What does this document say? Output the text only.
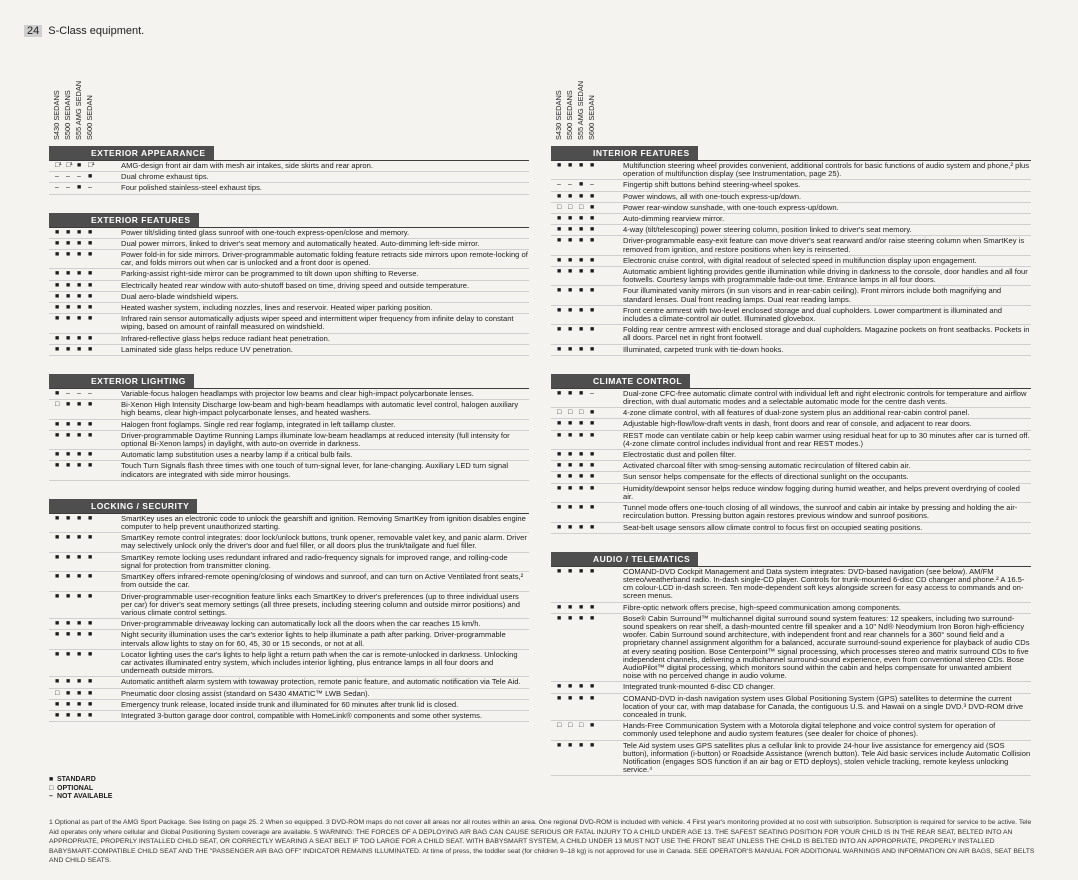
24 S-Class equipment.
S430 SEDANS S500 SEDANS S55 AMG SEDAN S600 SEDAN
EXTERIOR APPEARANCE
□¹ □¹ ■ □¹	AMG-design front air dam with mesh air intakes, side skirts and rear apron.
–	–	–	■	Dual chrome exhaust tips.
–	–	■ –	Four polished stainless-steel exhaust tips.
EXTERIOR FEATURES
■ ■ ■ ■	Power tilt/sliding tinted glass sunroof with one-touch express-open/close and memory.
■ ■ ■ ■	Dual power mirrors, linked to driver's seat memory and automatically heated. Auto-dimming left-side mirror.
■ ■ ■ ■	Power fold-in for side mirrors. Driver-programmable automatic folding feature retracts side mirrors upon remote-locking of car, and folds mirrors out when car is unlocked and a front door is opened.
■ ■ ■ ■	Parking-assist right-side mirror can be programmed to tilt down upon shifting to Reverse.
■ ■ ■ ■	Electrically heated rear window with auto-shutoff based on time, driving speed and outside temperature.
■ ■ ■ ■	Dual aero-blade windshield wipers.
■ ■ ■ ■	Heated washer system, including nozzles, lines and reservoir. Heated wiper parking position.
■ ■ ■ ■	Infrared rain sensor automatically adjusts wiper speed and intermittent wiper frequency from infinite delay to constant wiping, based on amount of rainfall measured on windshield.
■ ■ ■ ■	Infrared-reflective glass helps reduce radiant heat penetration.
■ ■ ■ ■	Laminated side glass helps reduce UV penetration.
EXTERIOR LIGHTING
■ –	–	–	Variable-focus halogen headlamps with projector low beams and clear high-impact polycarbonate lenses.
□ ■ ■ ■	Bi-Xenon High Intensity Discharge low-beam and high-beam headlamps with automatic level control, halogen auxiliary high beams, clear high-impact polycarbonate lenses, and heated washers.
■ ■ ■ ■	Halogen front foglamps. Single red rear foglamp, integrated in left taillamp cluster.
■ ■ ■ ■	Driver-programmable Daytime Running Lamps illuminate low-beam headlamps at reduced intensity (full intensity for optional Bi-Xenon lamps) in daylight, with auto-on override in darkness.
■ ■ ■ ■	Automatic lamp substitution uses a nearby lamp if a critical bulb fails.
■ ■ ■ ■	Touch Turn Signals flash three times with one touch of turn-signal lever, for lane-changing. Auxiliary LED turn signal indicators are integrated with side mirror housings.
LOCKING / SECURITY
■ ■ ■ ■	SmartKey uses an electronic code to unlock the gearshift and ignition. Removing SmartKey from ignition disables engine computer to help prevent unauthorized starting.
■ ■ ■ ■	SmartKey remote control integrates: door lock/unlock buttons, trunk opener, removable valet key, and panic alarm. Driver may selectively unlock only the driver's door and fuel filler, or all doors plus the trunk/tailgate and fuel filler.
■ ■ ■ ■	SmartKey remote locking uses redundant infrared and radio-frequency signals for improved range, and rolling-code signal for protection from transmitter cloning.
■ ■ ■ ■	SmartKey offers infrared-remote opening/closing of windows and sunroof, and can turn on Active Ventilated front seats,² from outside the car.
■ ■ ■ ■	Driver-programmable user-recognition feature links each SmartKey to driver's preferences (up to three individual users per car) for driver's seat memory settings (all three presets, including steering column and outside mirror positions) and various climate control settings.
■ ■ ■ ■	Driver-programmable driveaway locking can automatically lock all the doors when the car reaches 15 km/h.
■ ■ ■ ■	Night security illumination uses the car's exterior lights to help illuminate a path after parking. Driver-programmable intervals allow lights to stay on for 60, 45, 30 or 15 seconds, or not at all.
■ ■ ■ ■	Locator lighting uses the car's lights to help light a return path when the car is remote-unlocked in darkness. Unlocking car activates illuminated entry system, which includes interior lighting, plus entrance lamps in all four doors and underneath outside mirrors.
■ ■ ■ ■	Automatic antitheft alarm system with towaway protection, remote panic feature, and automatic notification via Tele Aid.
□ ■ ■ ■	Pneumatic door closing assist (standard on S430 4MATIC™ LWB Sedan).
■ ■ ■ ■	Emergency trunk release, located inside trunk and illuminated for 60 minutes after trunk lid is closed.
■ ■ ■ ■	Integrated 3-button garage door control, compatible with HomeLink® components and some other systems.
S430 SEDANS S500 SEDANS S55 AMG SEDAN S600 SEDAN
INTERIOR FEATURES
■ ■ ■ ■	Multifunction steering wheel provides convenient, additional controls for basic functions of audio system and phone,² plus operation of multifunction display (see Instrumentation, page 25).
–	–	■ –	Fingertip shift buttons behind steering-wheel spokes.
■ ■ ■ ■	Power windows, all with one-touch express-up/down.
□ □ □ ■	Power rear-window sunshade, with one-touch express-up/down.
■ ■ ■ ■	Auto-dimming rearview mirror.
■ ■ ■ ■	4-way (tilt/telescoping) power steering column, position linked to driver's seat memory.
■ ■ ■ ■	Driver-programmable easy-exit feature can move driver's seat rearward and/or raise steering column when SmartKey is removed from ignition, and restore positions when key is reinserted.
■ ■ ■ ■	Electronic cruise control, with digital readout of selected speed in multifunction display upon engagement.
■ ■ ■ ■	Automatic ambient lighting provides gentle illumination while driving in darkness to the console, door handles and all four footwells. Courtesy lamps with programmable fade-out time. Entrance lamps in all four doors.
■ ■ ■ ■	Four illuminated vanity mirrors (in sun visors and in rear-cabin ceiling). Front mirrors include both magnifying and standard lenses. Dual front reading lamps. Dual rear reading lamps.
■ ■ ■ ■	Front centre armrest with two-level enclosed storage and dual cupholders. Lower compartment is illuminated and includes a climate-control air outlet. Illuminated glovebox.
■ ■ ■ ■	Folding rear centre armrest with enclosed storage and dual cupholders. Magazine pockets on front seatbacks. Pockets in all doors. Parcel net in right front footwell.
■ ■ ■ ■	Illuminated, carpeted trunk with tie-down hooks.
CLIMATE CONTROL
■ ■ ■ –	Dual-zone CFC-free automatic climate control with individual left and right electronic controls for temperature and airflow direction, with dual automatic modes and a selectable automatic mode for the centre dash vents.
□ □ □ ■	4-zone climate control, with all features of dual-zone system plus an additional rear-cabin control panel.
■ ■ ■ ■	Adjustable high-flow/low-draft vents in dash, front doors and rear of console, and adjacent to rear doors.
■ ■ ■ ■	REST mode can ventilate cabin or help keep cabin warmer using residual heat for up to 30 minutes after car is turned off. (4-zone climate control includes individual front and rear REST modes.)
■ ■ ■ ■	Electrostatic dust and pollen filter.
■ ■ ■ ■	Activated charcoal filter with smog-sensing automatic recirculation of filtered cabin air.
■ ■ ■ ■	Sun sensor helps compensate for the effects of directional sunlight on the occupants.
■ ■ ■ ■	Humidity/dewpoint sensor helps reduce window fogging during humid weather, and helps prevent overdrying of cooled air.
■ ■ ■ ■	Tunnel mode offers one-touch closing of all windows, the sunroof and cabin air intake by pressing and holding the air-recirculation button. Pressing button again restores previous window and sunroof positions.
■ ■ ■ ■	Seat-belt usage sensors allow climate control to focus first on occupied seating positions.
AUDIO / TELEMATICS
■ ■ ■ ■	COMAND-DVD Cockpit Management and Data system integrates: DVD-based navigation (see below). AM/FM stereo/weatherband radio. In-dash single-CD player. Controls for trunk-mounted 6-disc CD changer and phone.² A 16.5-cm colour-LCD in-dash screen. Ten mode-dependent soft keys alongside screen for easy access to commands and on-screen menus.
■ ■ ■ ■	Fibre-optic network offers precise, high-speed communication among components.
■ ■ ■ ■	Bose® Cabin Surround™ multichannel digital surround sound system features: 12 speakers, including two surround-sound speakers on rear shelf, a dash-mounted centre fill speaker and a 10" Nd® Neodymium Iron Boron high-efficiency woofer. Cabin Surround sound architecture, with independent front and rear channels for a 360° sound field and a proprietary channel assignment algorithm for a balanced, accurate surround-sound experience for playback of audio CDs at every seating position. Bose Centerpoint™ signal processing, which processes stereo and matrix surround CDs to five independent channels, delivering a multichannel surround-sound experience, even from conventional stereo CDs. Bose AudioPilot™ digital processing, which monitors sound within the cabin and helps compensate for unwanted ambient noise with no perceived change in audio volume.
■ ■ ■ ■	Integrated trunk-mounted 6-disc CD changer.
■ ■ ■ ■	COMAND-DVD in-dash navigation system uses Global Positioning System (GPS) satellites to determine the current location of your car, with map database for Canada, the contiguous U.S. and Hawaii on a single DVD.³ DVD-ROM drive concealed in trunk.
□ □ □ ■	Hands-Free Communication System with a Motorola digital telephone and voice control system for operation of commonly used telephone and audio system features (see dealer for choice of phones).
■ ■ ■ ■	Tele Aid system uses GPS satellites plus a cellular link to provide 24-hour live assistance for emergency aid (SOS button), information (i-button) or Roadside Assistance (wrench button). Tele Aid basic services include Automatic Collision Notification (engages SOS function if an air bag or ETD deploys), stolen vehicle tracking, remote keyless unlocking service.⁴
■ STANDARD
□ OPTIONAL
– NOT AVAILABLE
1 Optional as part of the AMG Sport Package. See listing on page 25. 2 When so equipped. 3 DVD-ROM maps do not cover all areas nor all routes within an area. One regional DVD-ROM is included with vehicle. 4 First year's monitoring provided at no cost with subscription. Subscription is required for service to be active. Tele Aid operates only where cellular and Global Positioning System coverage are available. 5 WARNING: THE FORCES OF A DEPLOYING AIR BAG CAN CAUSE SERIOUS OR FATAL INJURY TO A CHILD UNDER AGE 13. THE SAFEST SEATING POSITION FOR YOUR CHILD IS IN THE REAR SEAT, BELTED INTO AN APPROPRIATE, PROPERLY INSTALLED CHILD SEAT, OR CORRECTLY WEARING A SEAT BELT IF TOO LARGE FOR A CHILD SEAT. WITH BABYSMART SYSTEM, A CHILD UNDER 13 MUST NOT USE THE FRONT SEAT UNLESS THE CHILD IS BELTED INTO AN APPROPRIATE, PROPERLY INSTALLED BABYSMART-COMPATIBLE CHILD SEAT AND THE "PASSENGER AIR BAG OFF" INDICATOR REMAINS ILLUMINATED. At time of press, the toddler seat (for children 9–18 kg) is not approved for use in Canada. SEE OPERATOR'S MANUAL FOR ADDITIONAL WARNINGS AND INFORMATION ON AIR BAGS, SEAT BELTS AND CHILD SEATS.
